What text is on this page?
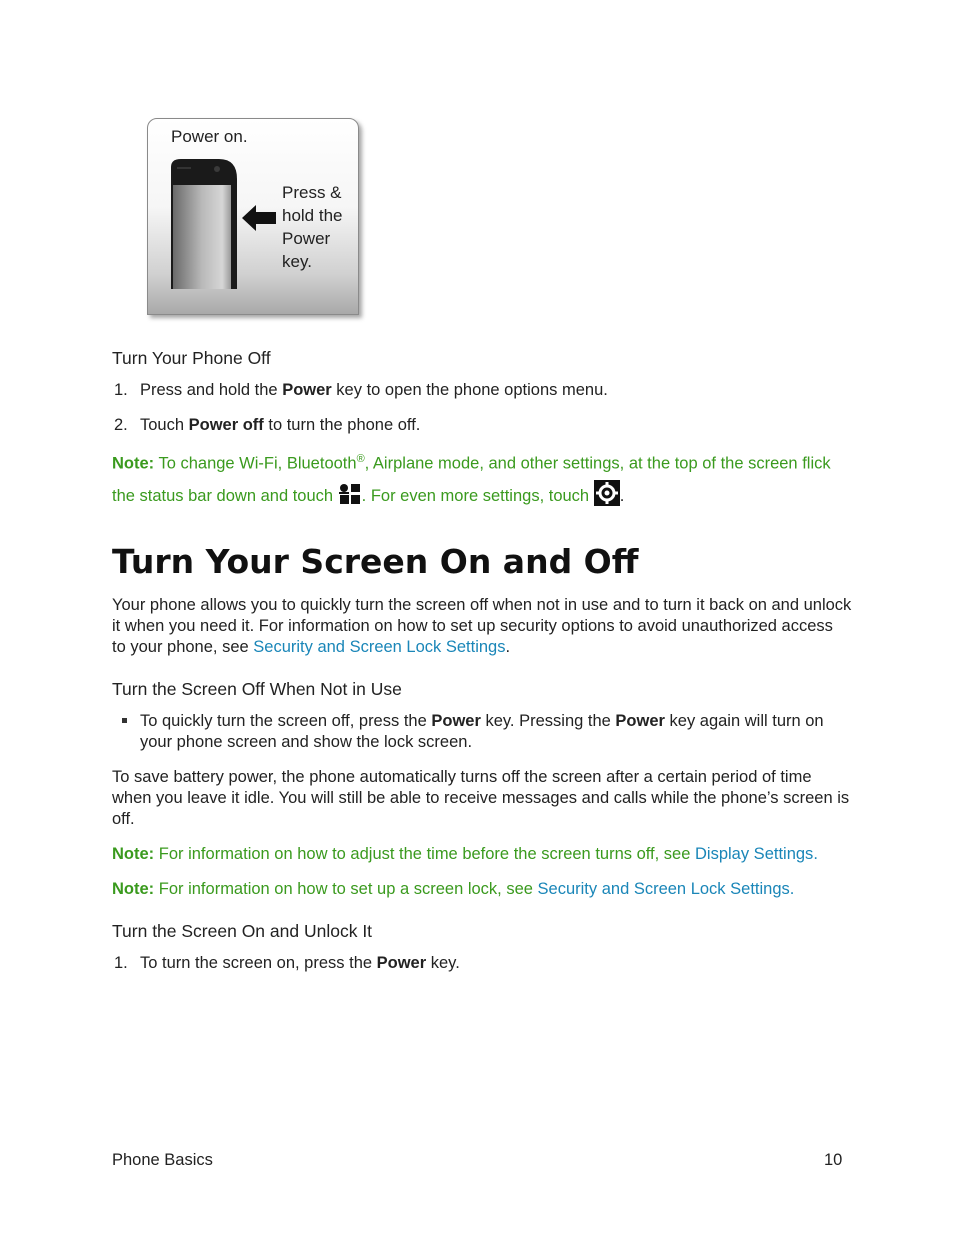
Power on.
Press &
hold the
Power
key.
Turn Your Phone Off
1. Press and hold the Power key to open the phone options menu.
2. Touch Power off to turn the phone off.
Note: To change Wi-Fi, Bluetooth®, Airplane mode, and other settings, at the top of the screen flick
the status bar down and touch . For even more settings, touch .
Turn Your Screen On and Off
Your phone allows you to quickly turn the screen off when not in use and to turn it back on and unlock
it when you need it. For information on how to set up security options to avoid unauthorized access
to your phone, see Security and Screen Lock Settings.
Turn the Screen Off When Not in Use
To quickly turn the screen off, press the Power key. Pressing the Power key again will turn on
your phone screen and show the lock screen.
To save battery power, the phone automatically turns off the screen after a certain period of time
when you leave it idle. You will still be able to receive messages and calls while the phone’s screen is
off.
Note: For information on how to adjust the time before the screen turns off, see Display Settings.
Note: For information on how to set up a screen lock, see Security and Screen Lock Settings.
Turn the Screen On and Unlock It
1. To turn the screen on, press the Power key.
Phone Basics	10
